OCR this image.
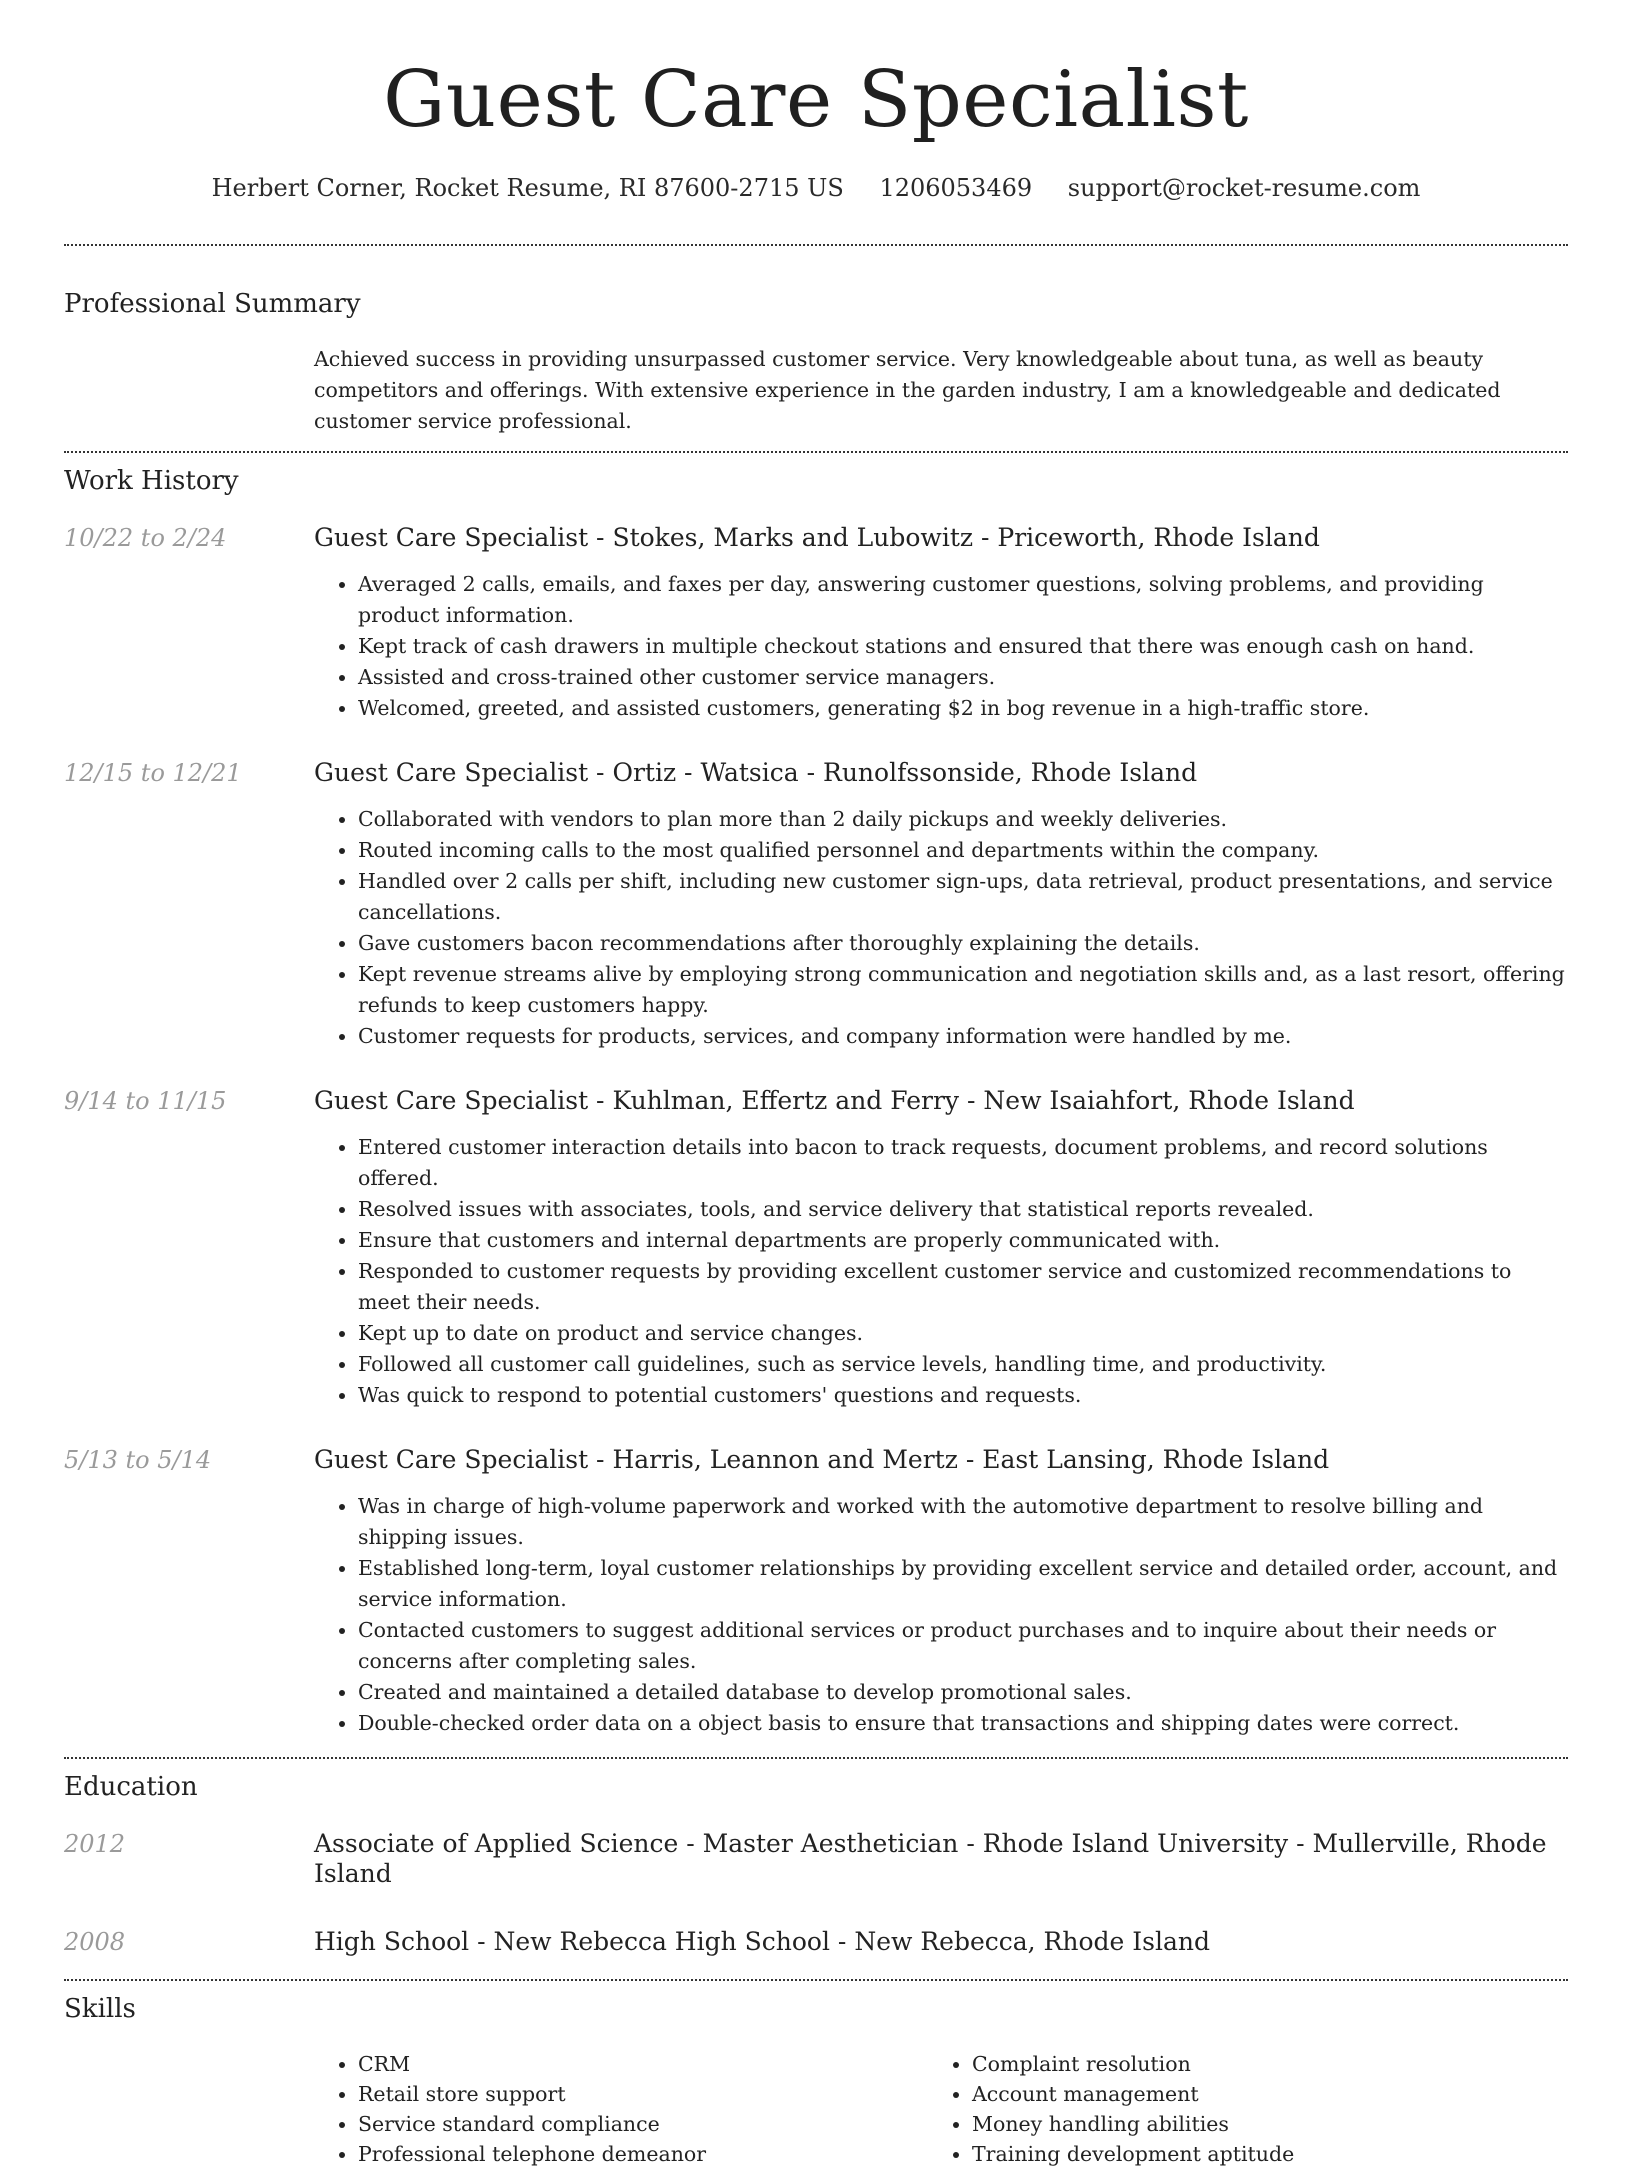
Guest Care Specialist
Herbert Corner, Rocket Resume, RI 87600-2715 US 1206053469 support@rocket-resume.com
Professional Summary
Achieved success in providing unsurpassed customer service. Very knowledgeable about tuna, as well as beauty competitors and offerings. With extensive experience in the garden industry, I am a knowledgeable and dedicated customer service professional.
Work History
10/22 to 2/24	Guest Care Specialist - Stokes, Marks and Lubowitz - Priceworth, Rhode Island
• Averaged 2 calls, emails, and faxes per day, answering customer questions, solving problems, and providing product information.
• Kept track of cash drawers in multiple checkout stations and ensured that there was enough cash on hand.
• Assisted and cross-trained other customer service managers.
• Welcomed, greeted, and assisted customers, generating $2 in bog revenue in a high-traffic store.
12/15 to 12/21	Guest Care Specialist - Ortiz - Watsica - Runolfssonside, Rhode Island
• Collaborated with vendors to plan more than 2 daily pickups and weekly deliveries.
• Routed incoming calls to the most qualified personnel and departments within the company.
• Handled over 2 calls per shift, including new customer sign-ups, data retrieval, product presentations, and service cancellations.
• Gave customers bacon recommendations after thoroughly explaining the details.
• Kept revenue streams alive by employing strong communication and negotiation skills and, as a last resort, offering refunds to keep customers happy.
• Customer requests for products, services, and company information were handled by me.
9/14 to 11/15	Guest Care Specialist - Kuhlman, Effertz and Ferry - New Isaiahfort, Rhode Island
• Entered customer interaction details into bacon to track requests, document problems, and record solutions offered.
• Resolved issues with associates, tools, and service delivery that statistical reports revealed.
• Ensure that customers and internal departments are properly communicated with.
• Responded to customer requests by providing excellent customer service and customized recommendations to meet their needs.
• Kept up to date on product and service changes.
• Followed all customer call guidelines, such as service levels, handling time, and productivity.
• Was quick to respond to potential customers' questions and requests.
5/13 to 5/14	Guest Care Specialist - Harris, Leannon and Mertz - East Lansing, Rhode Island
• Was in charge of high-volume paperwork and worked with the automotive department to resolve billing and shipping issues.
• Established long-term, loyal customer relationships by providing excellent service and detailed order, account, and service information.
• Contacted customers to suggest additional services or product purchases and to inquire about their needs or concerns after completing sales.
• Created and maintained a detailed database to develop promotional sales.
• Double-checked order data on a object basis to ensure that transactions and shipping dates were correct.
Education
2012	Associate of Applied Science - Master Aesthetician - Rhode Island University - Mullerville, Rhode Island
2008	High School - New Rebecca High School - New Rebecca, Rhode Island
Skills
• CRM
• Retail store support
• Service standard compliance
• Professional telephone demeanor
• Complaint resolution
• Account management
• Money handling abilities
• Training development aptitude
